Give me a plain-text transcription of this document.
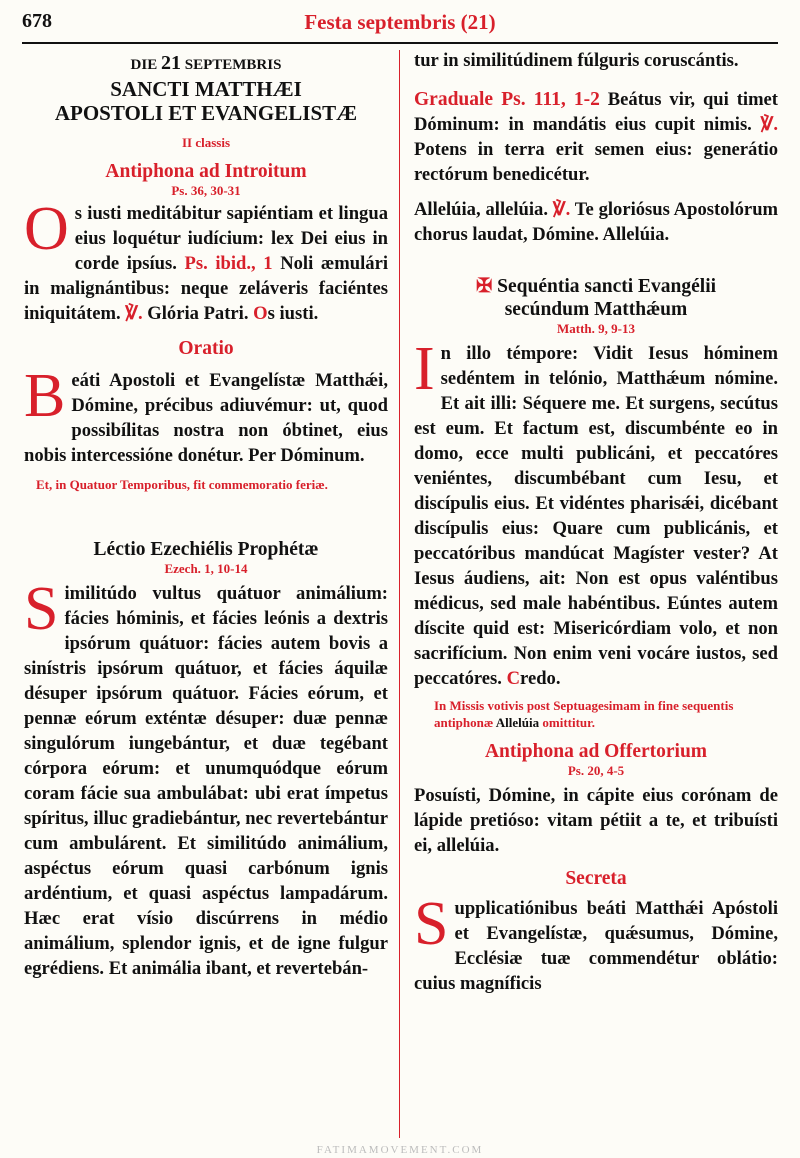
678	Festa septembris (21)
DIE 21 SEPTEMBRIS
SANCTI MATTHÆI
APOSTOLI ET EVANGELISTÆ
II classis
Antiphona ad Introitum
Ps. 36, 30-31

Os iusti meditábitur sapiéntiam et lingua eius loquétur iudícium: lex Dei eius in corde ipsíus. Ps. ibid., 1 Noli æmulári in malignántibus: neque zeláveris faciéntes iniquitátem. ℣. Glória Patri. Os iusti.

Oratio

Beáti Apostoli et Evangelístæ Matthǽi, Dómine, précibus adiuvémur: ut, quod possibílitas nostra non óbtinet, eius nobis intercessióne donétur. Per Dóminum.

Et, in Quatuor Temporibus, fit commemoratio feriæ.
Léctio Ezechiélis Prophétæ
Ezech. 1, 10-14

Similitúdo vultus quátuor animálium: fácies hóminis, et fácies leónis a dextris ipsórum quátuor: fácies autem bovis a sinístris ipsórum quátuor, et fácies áquilæ désuper ipsórum quátuor. Fácies eórum, et pennæ eórum exténtæ désuper: duæ pennæ singulórum iungebántur, et duæ tegébant córpora eórum: et unumquódque eórum coram fácie sua ambulábat: ubi erat ímpetus spíritus, illuc gradiebántur, nec revertebántur cum ambulárent. Et similitúdo animálium, aspéctus eórum quasi carbónum ignis ardéntium, et quasi aspéctus lampadárum. Hæc erat vísio discúrrens in médio animálium, splendor ignis, et de igne fulgur egrédiens. Et animália ibant, et revertebán-

tur in similitúdinem fúlguris coruscántis.

Graduale Ps. 111, 1-2 Beátus vir, qui timet Dóminum: in mandátis eius cupit nimis. ℣. Potens in terra erit semen eius: generátio rectórum benedicétur.

Allelúia, allelúia. ℣. Te gloriósus Apostolórum chorus laudat, Dómine. Allelúia.

✠ Sequéntia sancti Evangélii
secúndum Matthǽum
Matth. 9, 9-13

In illo témpore: Vidit Iesus hóminem sedéntem in telónio, Matthǽum nómine. Et ait illi: Séquere me. Et surgens, secútus est eum. Et factum est, discumbénte eo in domo, ecce multi publicáni, et peccatóres veniéntes, discumbébant cum Iesu, et discípulis eius. Et vidéntes pharisǽi, dicébant discípulis eius: Quare cum publicánis, et peccatóribus mandúcat Magíster vester? At Iesus áudiens, ait: Non est opus valéntibus médicus, sed male habéntibus. Eúntes autem díscite quid est: Misericórdiam volo, et non sacrifícium. Non enim veni vocáre iustos, sed peccatóres. Credo.

In Missis votivis post Septuagesimam in fine sequentis antiphonæ Allelúia omittitur.
Antiphona ad Offertorium
Ps. 20, 4-5

Posuísti, Dómine, in cápite eius corónam de lápide pretióso: vitam pétiit a te, et tribuísti ei, allelúia.

Secreta

Supplicatiónibus beáti Matthǽi Apóstoli et Evangelístæ, quǽsumus, Dómine, Ecclésiæ tuæ commendétur oblátio: cuius magníficis

FATIMAMOVEMENT.COM
